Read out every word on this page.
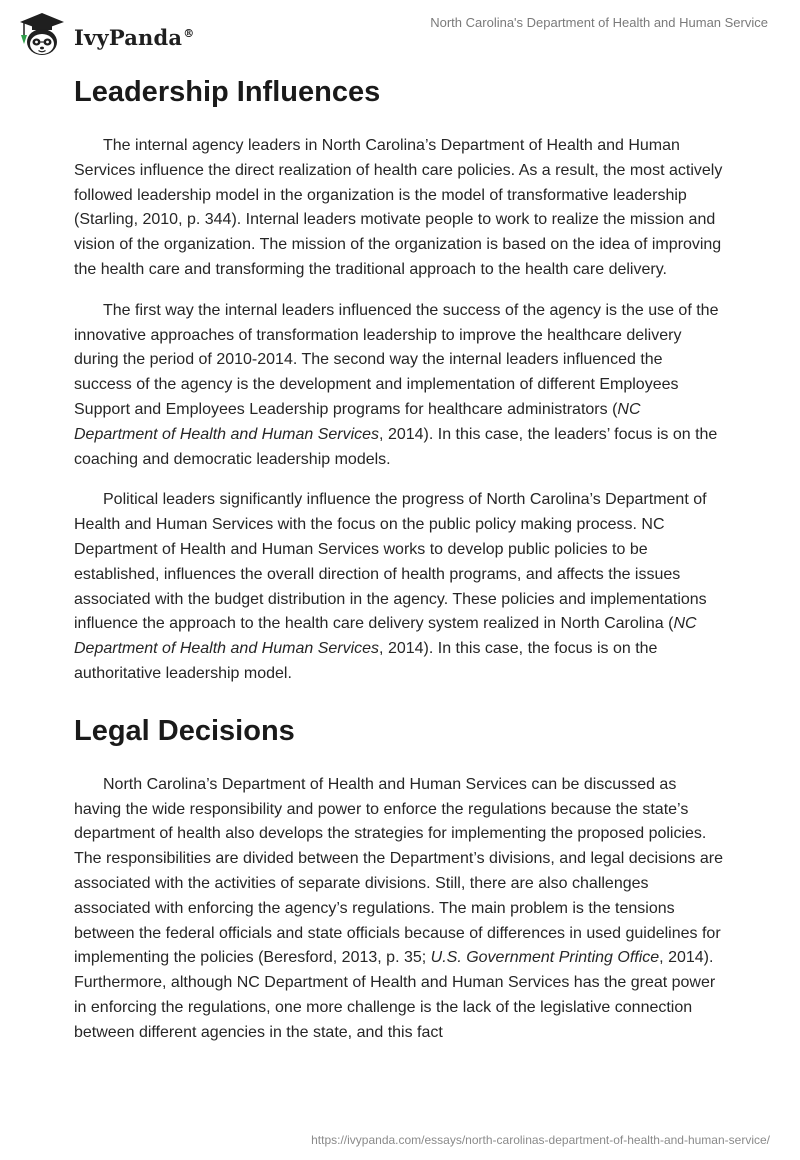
IvyPanda®
North Carolina's Department of Health and Human Service
Leadership Influences

The internal agency leaders in North Carolina’s Department of Health and Human Services influence the direct realization of health care policies. As a result, the most actively followed leadership model in the organization is the model of transformative leadership (Starling, 2010, p. 344). Internal leaders motivate people to work to realize the mission and vision of the organization. The mission of the organization is based on the idea of improving the health care and transforming the traditional approach to the health care delivery.

The first way the internal leaders influenced the success of the agency is the use of the innovative approaches of transformation leadership to improve the healthcare delivery during the period of 2010-2014. The second way the internal leaders influenced the success of the agency is the development and implementation of different Employees Support and Employees Leadership programs for healthcare administrators (NC Department of Health and Human Services, 2014). In this case, the leaders’ focus is on the coaching and democratic leadership models.

Political leaders significantly influence the progress of North Carolina’s Department of Health and Human Services with the focus on the public policy making process. NC Department of Health and Human Services works to develop public policies to be established, influences the overall direction of health programs, and affects the issues associated with the budget distribution in the agency. These policies and implementations influence the approach to the health care delivery system realized in North Carolina (NC Department of Health and Human Services, 2014). In this case, the focus is on the authoritative leadership model.

Legal Decisions

North Carolina’s Department of Health and Human Services can be discussed as having the wide responsibility and power to enforce the regulations because the state’s department of health also develops the strategies for implementing the proposed policies. The responsibilities are divided between the Department’s divisions, and legal decisions are associated with the activities of separate divisions. Still, there are also challenges associated with enforcing the agency’s regulations. The main problem is the tensions between the federal officials and state officials because of differences in used guidelines for implementing the policies (Beresford, 2013, p. 35; U.S. Government Printing Office, 2014). Furthermore, although NC Department of Health and Human Services has the great power in enforcing the regulations, one more challenge is the lack of the legislative connection between different agencies in the state, and this fact

https://ivypanda.com/essays/north-carolinas-department-of-health-and-human-service/
